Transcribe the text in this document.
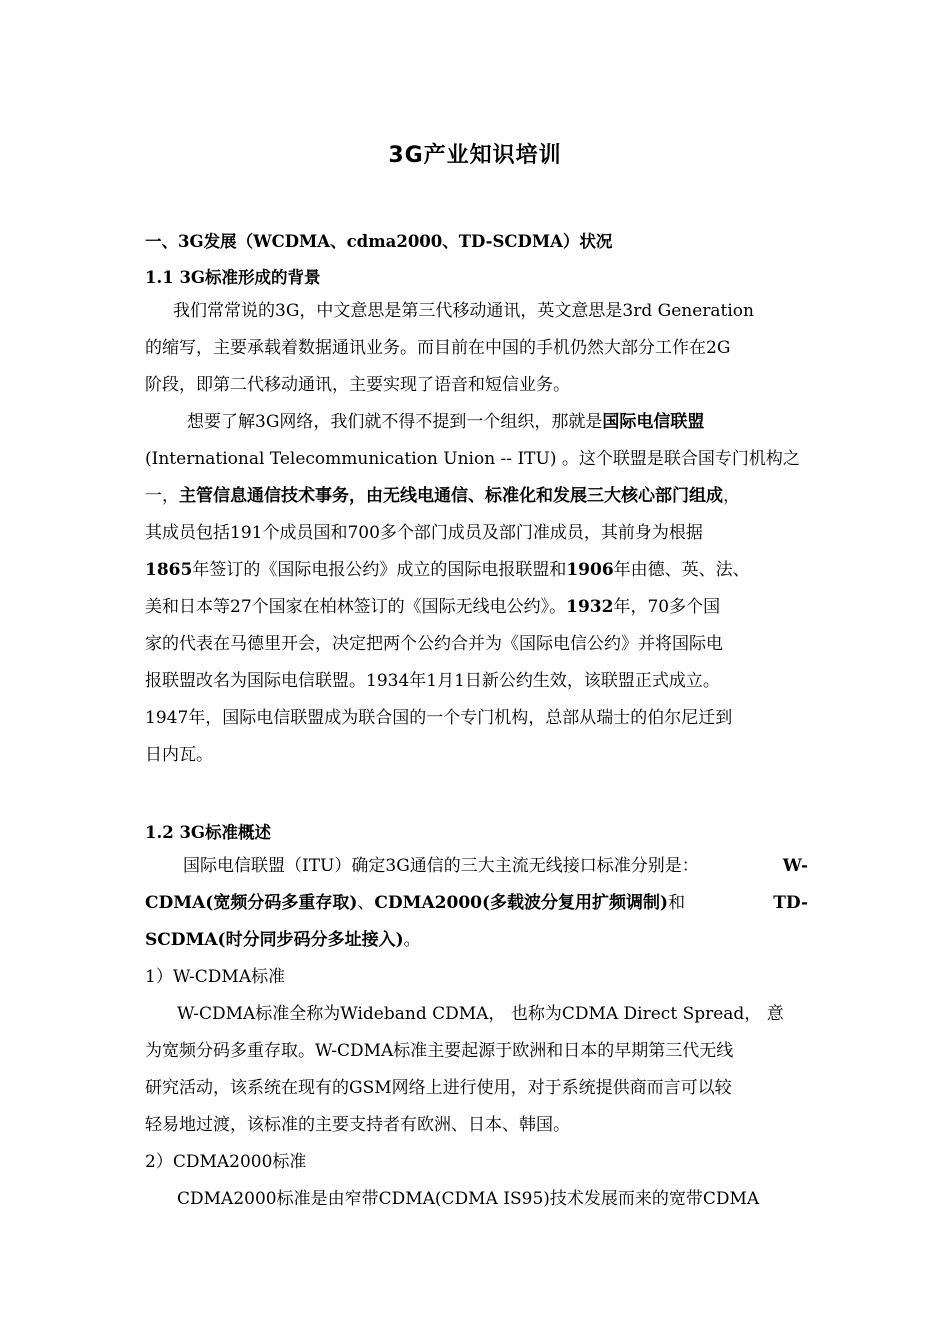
3G产业知识培训
一、3G发展（WCDMA、cdma2000、TD-SCDMA）状况
1.1 3G标准形成的背景
我们常常说的3G，中文意思是第三代移动通讯，英文意思是3rd Generation
的缩写，主要承载着数据通讯业务。而目前在中国的手机仍然大部分工作在2G
阶段，即第二代移动通讯，主要实现了语音和短信业务。
想要了解3G网络，我们就不得不提到一个组织，那就是国际电信联盟
(International Telecommunication Union -- ITU) 。这个联盟是联合国专门机构之
一，主管信息通信技术事务，由无线电通信、标准化和发展三大核心部门组成，
其成员包括191个成员国和700多个部门成员及部门准成员，其前身为根据
1865年签订的《国际电报公约》成立的国际电报联盟和1906年由德、英、法、
美和日本等27个国家在柏林签订的《国际无线电公约》。1932年，70多个国
家的代表在马德里开会，决定把两个公约合并为《国际电信公约》并将国际电
报联盟改名为国际电信联盟。1934年1月1日新公约生效，该联盟正式成立。
1947年，国际电信联盟成为联合国的一个专门机构，总部从瑞士的伯尔尼迁到
日内瓦。
1.2 3G标准概述
国际电信联盟（ITU）确定3G通信的三大主流无线接口标准分别是：	W-
CDMA(宽频分码多重存取)、CDMA2000(多载波分复用扩频调制)和	TD-
SCDMA(时分同步码分多址接入)。
1）W-CDMA标准
W-CDMA标准全称为Wideband CDMA， 也称为CDMA Direct Spread， 意
为宽频分码多重存取。W-CDMA标准主要起源于欧洲和日本的早期第三代无线
研究活动，该系统在现有的GSM网络上进行使用，对于系统提供商而言可以较
轻易地过渡，该标准的主要支持者有欧洲、日本、韩国。
2）CDMA2000标准
CDMA2000标准是由窄带CDMA(CDMA IS95)技术发展而来的宽带CDMA
